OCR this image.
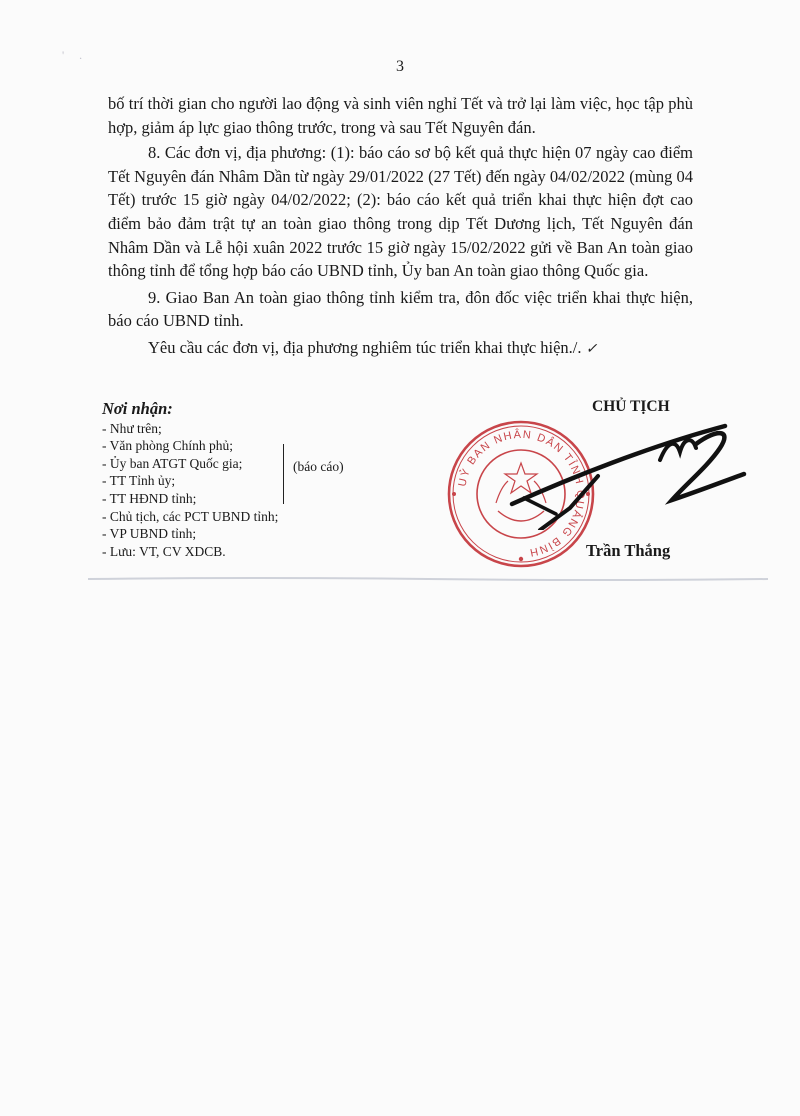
' .
3

bố trí thời gian cho người lao động và sinh viên nghỉ Tết và trở lại làm việc, học tập phù hợp, giảm áp lực giao thông trước, trong và sau Tết Nguyên đán.

8. Các đơn vị, địa phương: (1): báo cáo sơ bộ kết quả thực hiện 07 ngày cao điểm Tết Nguyên đán Nhâm Dần từ ngày 29/01/2022 (27 Tết) đến ngày 04/02/2022 (mùng 04 Tết) trước 15 giờ ngày 04/02/2022; (2): báo cáo kết quả triển khai thực hiện đợt cao điểm bảo đảm trật tự an toàn giao thông trong dịp Tết Dương lịch, Tết Nguyên đán Nhâm Dần và Lễ hội xuân 2022 trước 15 giờ ngày 15/02/2022 gửi về Ban An toàn giao thông tỉnh để tổng hợp báo cáo UBND tỉnh, Ủy ban An toàn giao thông Quốc gia.

9. Giao Ban An toàn giao thông tỉnh kiểm tra, đôn đốc việc triển khai thực hiện, báo cáo UBND tỉnh.

Yêu cầu các đơn vị, địa phương nghiêm túc triển khai thực hiện./. ✓

Nơi nhận:
- Như trên;
- Văn phòng Chính phủ;
- Ủy ban ATGT Quốc gia;
- TT Tỉnh ủy;
- TT HĐND tỉnh;
- Chủ tịch, các PCT UBND tỉnh;
- VP UBND tỉnh;
- Lưu: VT, CV XDCB.
(báo cáo)
CHỦ TỊCH
UỶ BAN NHÂN DÂN TỈNH QUẢNG BÌNH	Trần Thắng
